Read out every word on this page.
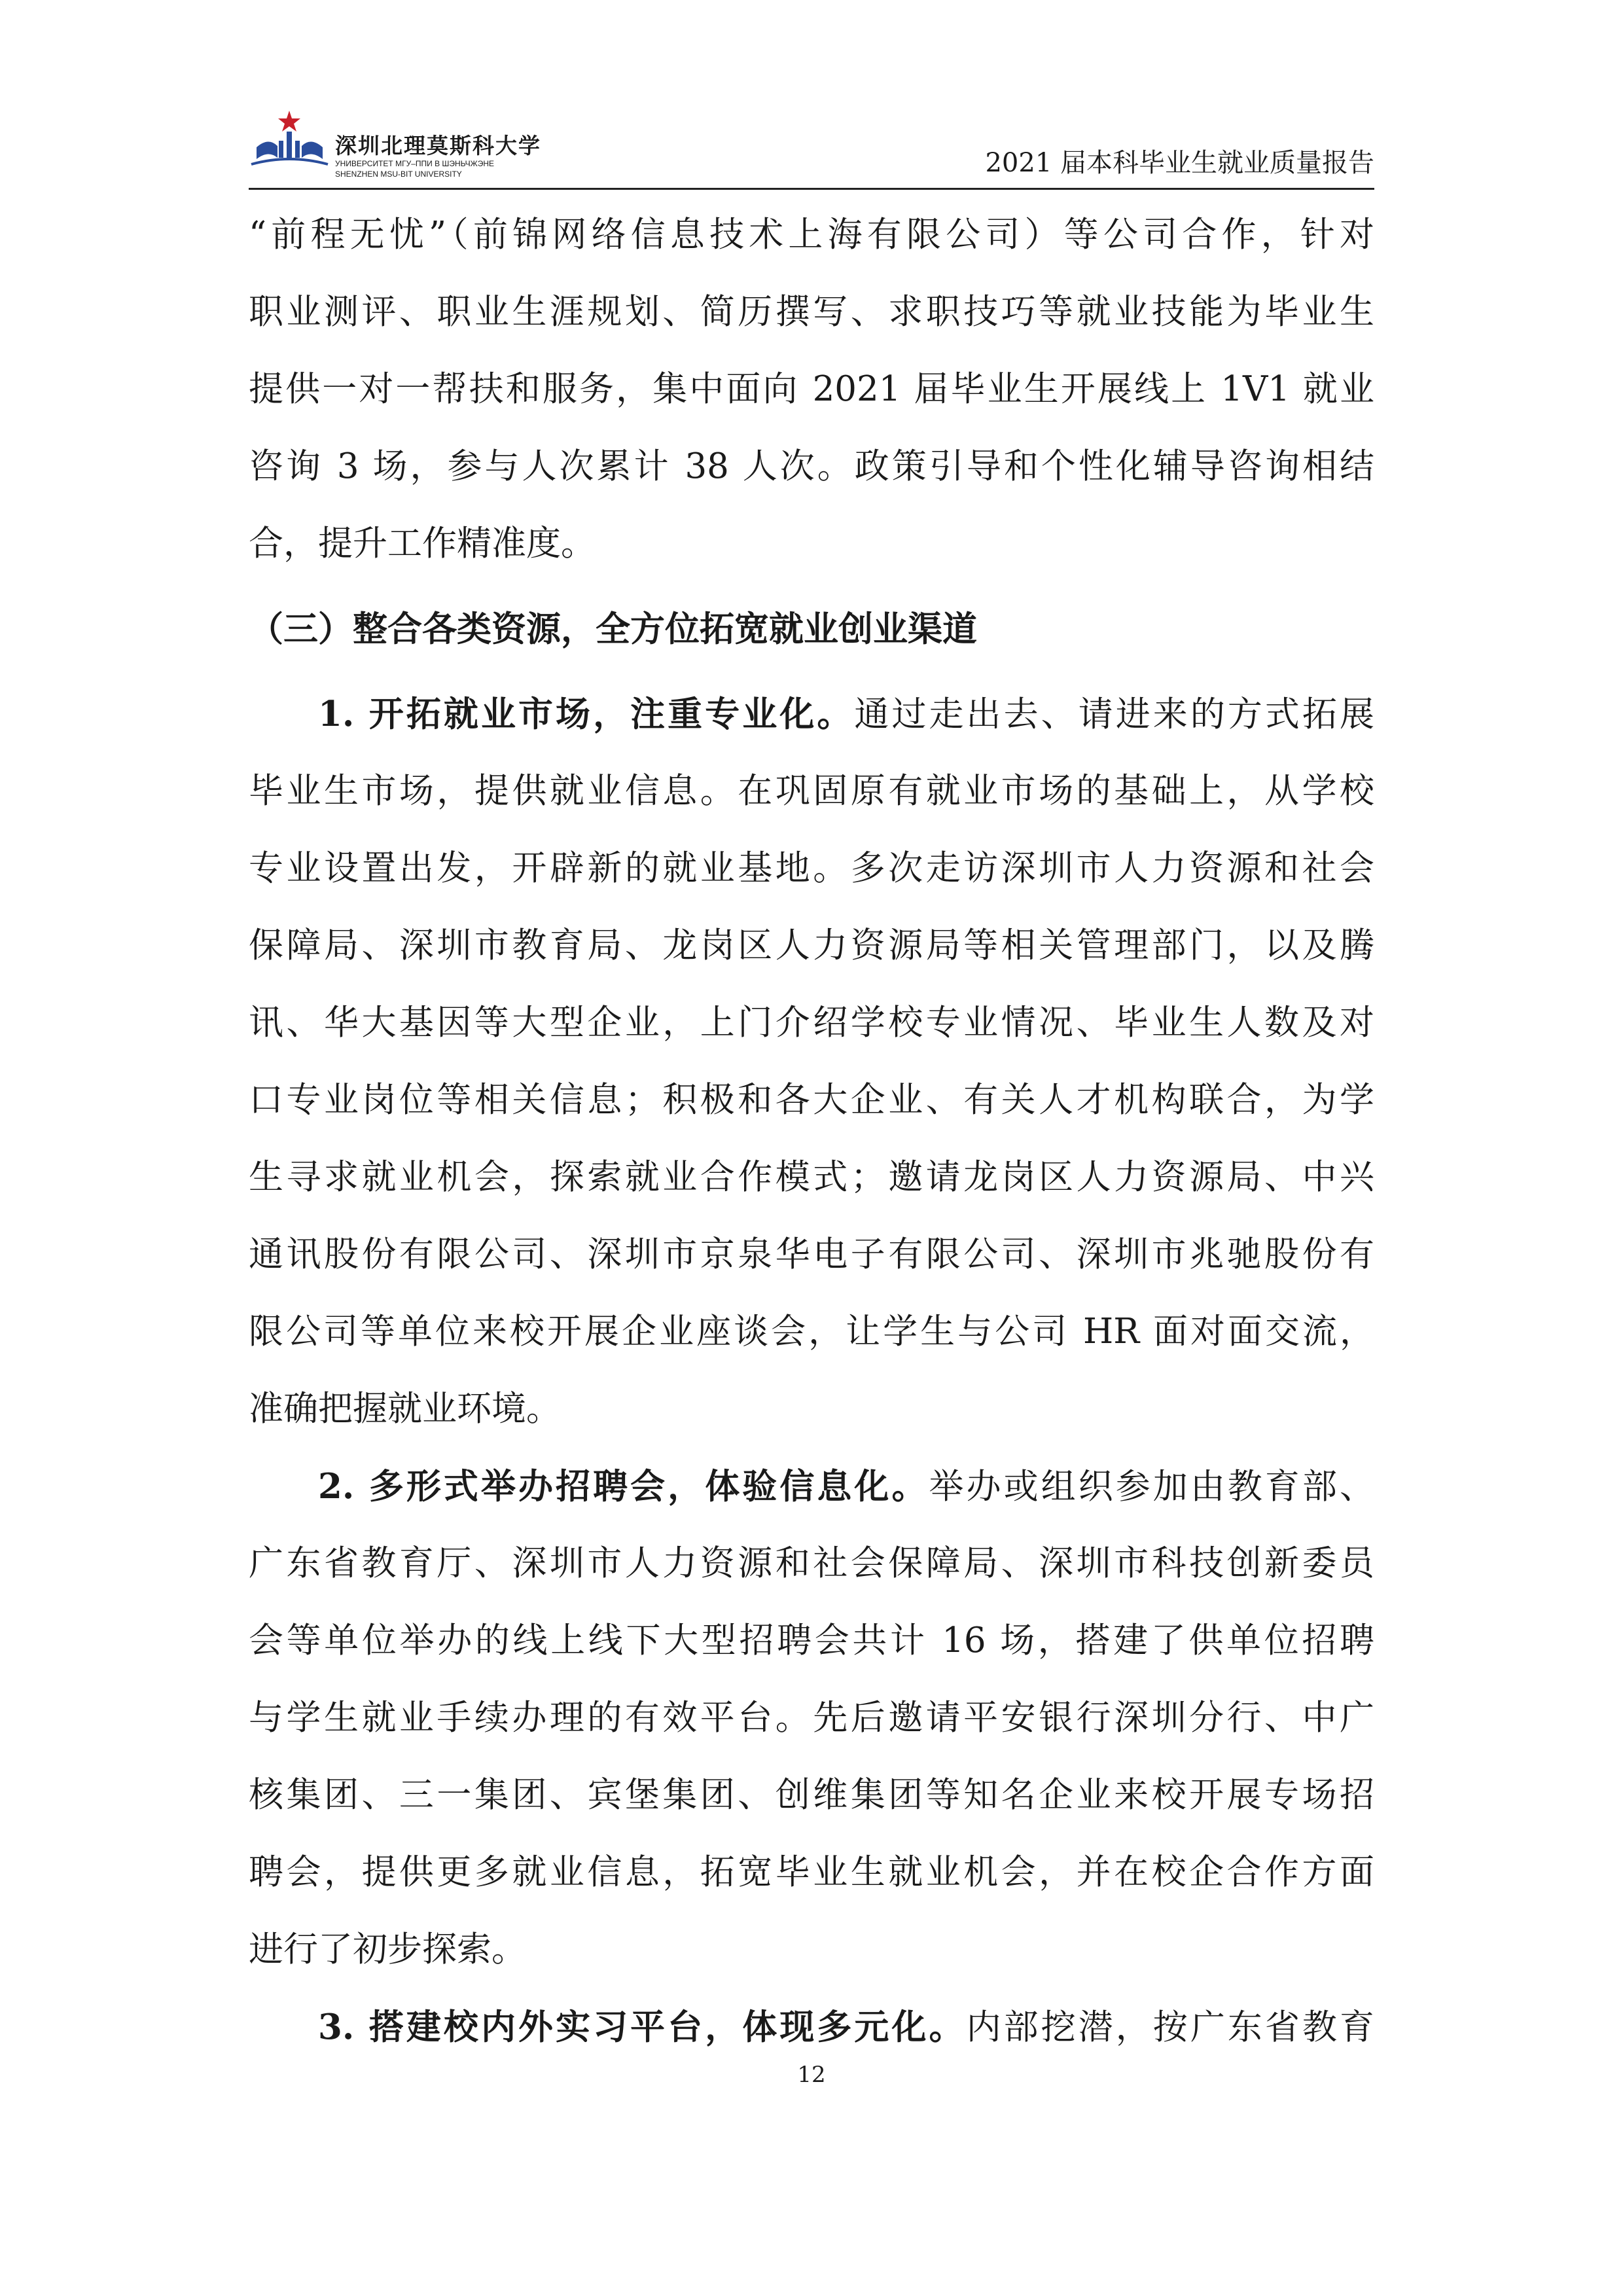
深圳北理莫斯科大学
УНИВЕРСИТЕТ МГУ–ППИ В ШЭНЬЧЖЭНЕ
SHENZHEN MSU-BIT UNIVERSITY	2021 届本科毕业生就业质量报告

“前程无忧”（前锦网络信息技术上海有限公司）等公司合作，针对

职业测评、职业生涯规划、简历撰写、求职技巧等就业技能为毕业生

提供一对一帮扶和服务，集中面向 2021 届毕业生开展线上 1V1 就业

咨询 3 场，参与人次累计 38 人次。政策引导和个性化辅导咨询相结

合，提升工作精准度。

（三）整合各类资源，全方位拓宽就业创业渠道

1. 开拓就业市场，注重专业化。通过走出去、请进来的方式拓展

毕业生市场，提供就业信息。在巩固原有就业市场的基础上，从学校

专业设置出发，开辟新的就业基地。多次走访深圳市人力资源和社会

保障局、深圳市教育局、龙岗区人力资源局等相关管理部门，以及腾

讯、华大基因等大型企业，上门介绍学校专业情况、毕业生人数及对

口专业岗位等相关信息；积极和各大企业、有关人才机构联合，为学

生寻求就业机会，探索就业合作模式；邀请龙岗区人力资源局、中兴

通讯股份有限公司、深圳市京泉华电子有限公司、深圳市兆驰股份有

限公司等单位来校开展企业座谈会，让学生与公司 HR 面对面交流，

准确把握就业环境。

2. 多形式举办招聘会，体验信息化。举办或组织参加由教育部、

广东省教育厅、深圳市人力资源和社会保障局、深圳市科技创新委员

会等单位举办的线上线下大型招聘会共计 16 场，搭建了供单位招聘

与学生就业手续办理的有效平台。先后邀请平安银行深圳分行、中广

核集团、三一集团、宾堡集团、创维集团等知名企业来校开展专场招

聘会，提供更多就业信息，拓宽毕业生就业机会，并在校企合作方面

进行了初步探索。

3. 搭建校内外实习平台，体现多元化。内部挖潜，按广东省教育

12
